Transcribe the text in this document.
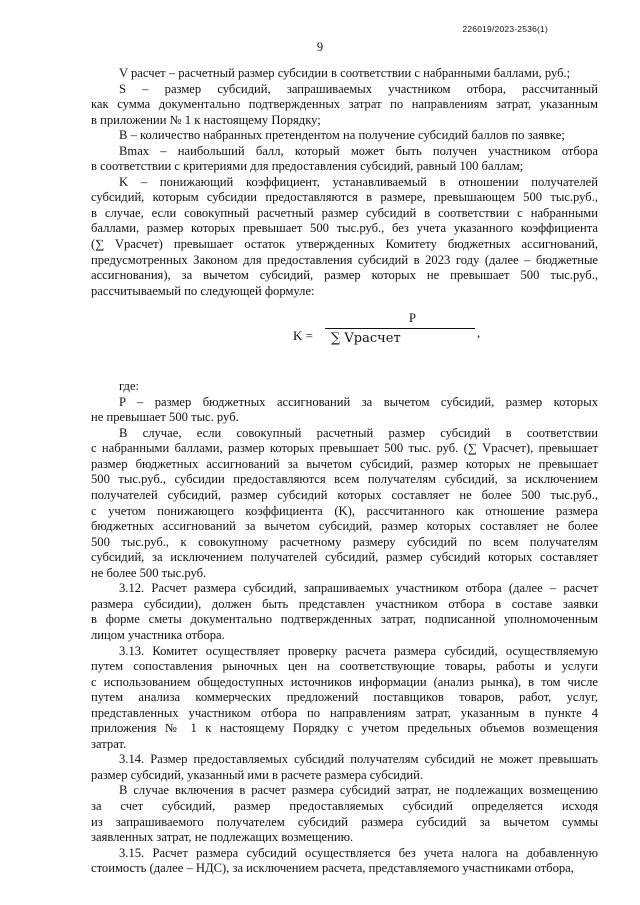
226019/2023-2536(1)
9

V расчет – расчетный размер субсидии в соответствии с набранными баллами, руб.;

S – размер субсидий, запрашиваемых участником отбора, рассчитанный
как сумма документально подтвержденных затрат по направлениям затрат, указанным
в приложении № 1 к настоящему Порядку;

B – количество набранных претендентом на получение субсидий баллов по заявке;

Bmax – наибольший балл, который может быть получен участником отбора
в соответствии с критериями для предоставления субсидий, равный 100 баллам;

K – понижающий коэффициент, устанавливаемый в отношении получателей
субсидий, которым субсидии предоставляются в размере, превышающем 500 тыс.руб.,
в случае, если совокупный расчетный размер субсидий в соответствии с набранными
баллами, размер которых превышает 500 тыс.руб., без учета указанного коэффициента
(∑ Vрасчет) превышает остаток утвержденных Комитету бюджетных ассигнований,
предусмотренных Законом для предоставления субсидий в 2023 году (далее – бюджетные
ассигнования), за вычетом субсидий, размер которых не превышает 500 тыс.руб.,
рассчитываемый по следующей формуле:

K =
P
∑ Vрасчет	,

где:

P – размер бюджетных ассигнований за вычетом субсидий, размер которых
не превышает 500 тыс. руб.

В случае, если совокупный расчетный размер субсидий в соответствии
с набранными баллами, размер которых превышает 500 тыс. руб. (∑ Vрасчет), превышает
размер бюджетных ассигнований за вычетом субсидий, размер которых не превышает
500 тыс.руб., субсидии предоставляются всем получателям субсидий, за исключением
получателей субсидий, размер субсидий которых составляет не более 500 тыс.руб.,
с учетом понижающего коэффициента (K), рассчитанного как отношение размера
бюджетных ассигнований за вычетом субсидий, размер которых составляет не более
500 тыс.руб., к совокупному расчетному размеру субсидий по всем получателям
субсидий, за исключением получателей субсидий, размер субсидий которых составляет
не более 500 тыс.руб.

3.12. Расчет размера субсидий, запрашиваемых участником отбора (далее – расчет
размера субсидии), должен быть представлен участником отбора в составе заявки
в форме сметы документально подтвержденных затрат, подписанной уполномоченным
лицом участника отбора.

3.13. Комитет осуществляет проверку расчета размера субсидий, осуществляемую
путем сопоставления рыночных цен на соответствующие товары, работы и услуги
с использованием общедоступных источников информации (анализ рынка), в том числе
путем анализа коммерческих предложений поставщиков товаров, работ, услуг,
представленных участником отбора по направлениям затрат, указанным в пункте 4
приложения № 1 к настоящему Порядку с учетом предельных объемов возмещения
затрат.

3.14. Размер предоставляемых субсидий получателям субсидий не может превышать
размер субсидий, указанный ими в расчете размера субсидий.

В случае включения в расчет размера субсидий затрат, не подлежащих возмещению
за счет субсидий, размер предоставляемых субсидий определяется исходя
из запрашиваемого получателем субсидий размера субсидий за вычетом суммы
заявленных затрат, не подлежащих возмещению.

3.15. Расчет размера субсидий осуществляется без учета налога на добавленную
стоимость (далее – НДС), за исключением расчета, представляемого участниками отбора,
